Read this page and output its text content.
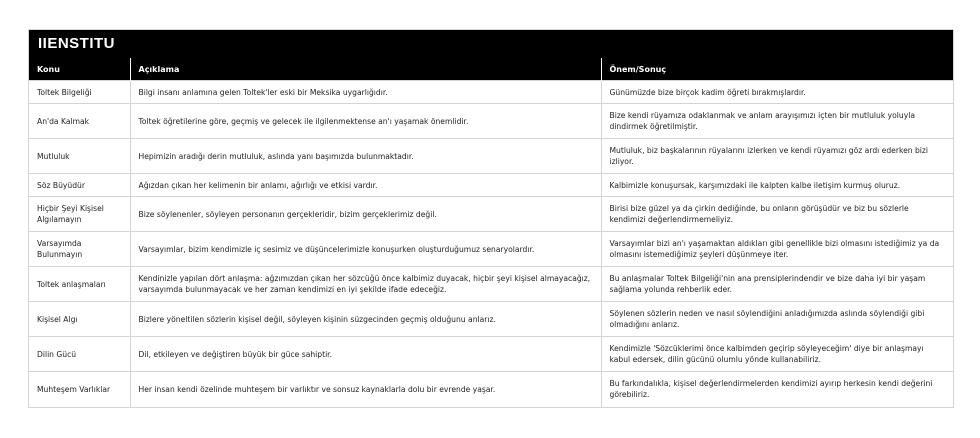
IIENSTITU
Konu	Açıklama	Önem/Sonuç
Toltek Bilgeliği	Bilgi insanı anlamına gelen Toltek'ler eski bir Meksika uygarlığıdır.	Günümüzde bize birçok kadim öğreti bırakmışlardır.
An'da Kalmak	Toltek öğretilerine göre, geçmiş ve gelecek ile ilgilenmektense an'ı yaşamak önemlidir.	Bize kendi rüyamıza odaklanmak ve anlam arayışımızı içten bir mutluluk yoluyla dindirmek öğretilmiştir.
Mutluluk	Hepimizin aradığı derin mutluluk, aslında yanı başımızda bulunmaktadır.	Mutluluk, biz başkalarının rüyalarını izlerken ve kendi rüyamızı göz ardı ederken bizi izliyor.
Söz Büyüdür	Ağızdan çıkan her kelimenin bir anlamı, ağırlığı ve etkisi vardır.	Kalbimizle konuşursak, karşımızdaki ile kalpten kalbe iletişim kurmuş oluruz.
Hiçbir Şeyi Kişisel Algılamayın	Bize söylenenler, söyleyen personanın gerçekleridir, bizim gerçeklerimiz değil.	Birisi bize güzel ya da çirkin dediğinde, bu onların görüşüdür ve biz bu sözlerle kendimizi değerlendirmemeliyiz.
Varsayımda Bulunmayın	Varsayımlar, bizim kendimizle iç sesimiz ve düşüncelerimizle konuşurken oluşturduğumuz senaryolardır.	Varsayımlar bizi an'ı yaşamaktan aldıkları gibi genellikle bizi olmasını istediğimiz ya da olmasını istemediğimiz şeyleri düşünmeye iter.
Toltek anlaşmaları	Kendinizle yapılan dört anlaşma: ağzımızdan çıkan her sözcüğü önce kalbimiz duyacak, hiçbir şeyi kişisel almayacağız, varsayımda bulunmayacak ve her zaman kendimizi en iyi şekilde ifade edeceğiz.	Bu anlaşmalar Toltek Bilgeliği'nin ana prensiplerindendir ve bize daha iyi bir yaşam sağlama yolunda rehberlik eder.
Kişisel Algı	Bizlere yöneltilen sözlerin kişisel değil, söyleyen kişinin süzgecinden geçmiş olduğunu anlarız.	Söylenen sözlerin neden ve nasıl söylendiğini anladığımızda aslında söylendiği gibi olmadığını anlarız.
Dilin Gücü	Dil, etkileyen ve değiştiren büyük bir güce sahiptir.	Kendimizle 'Sözcüklerimi önce kalbimden geçirip söyleyeceğim' diye bir anlaşmayı kabul edersek, dilin gücünü olumlu yönde kullanabiliriz.
Muhteşem Varlıklar	Her insan kendi özelinde muhteşem bir varlıktır ve sonsuz kaynaklarla dolu bir evrende yaşar.	Bu farkındalıkla, kişisel değerlendirmelerden kendimizi ayırıp herkesin kendi değerini görebiliriz.
